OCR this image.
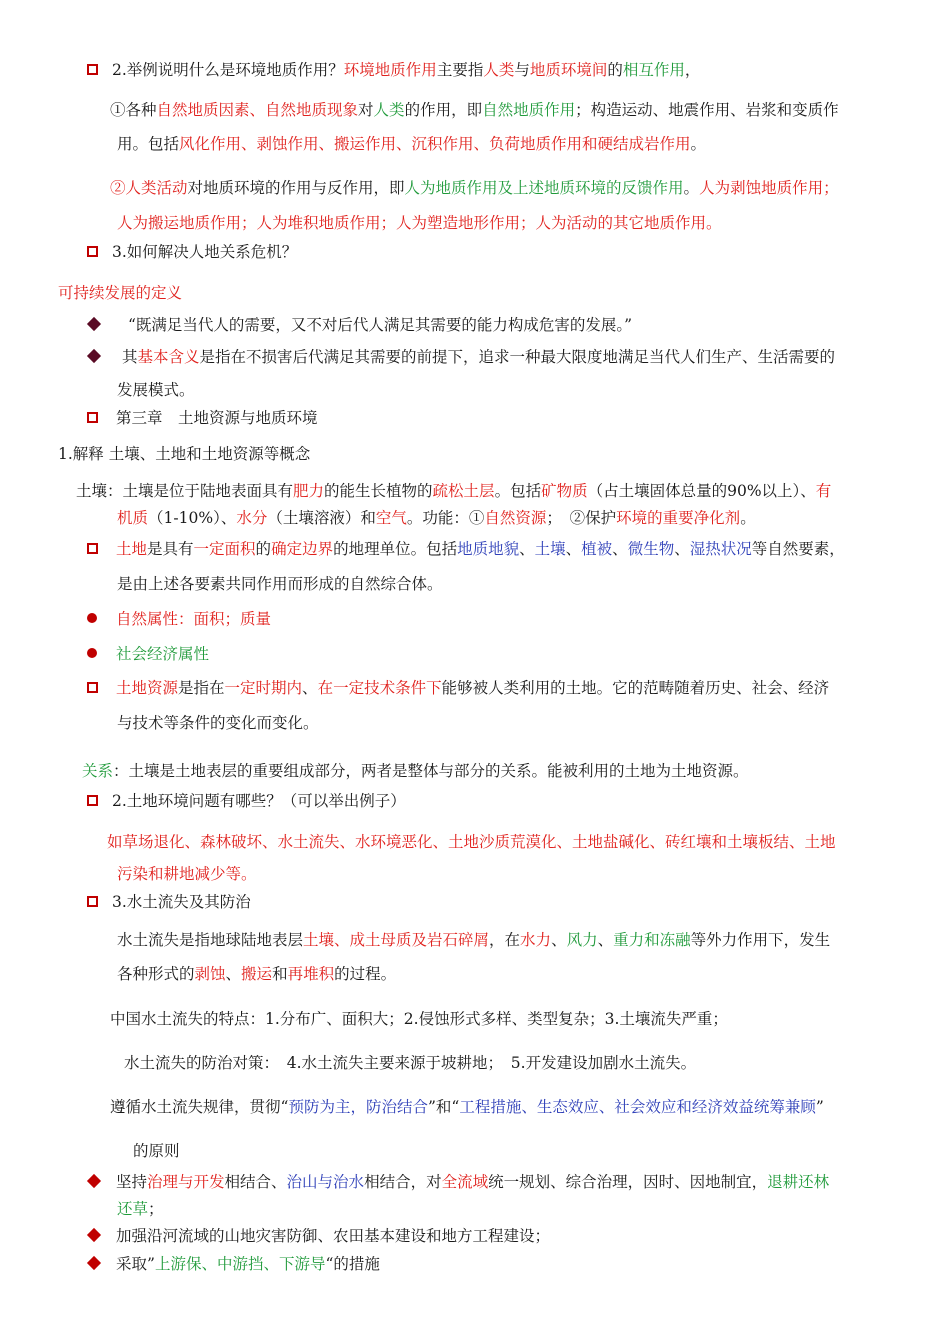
2.举例说明什么是环境地质作用？环境地质作用主要指人类与地质环境间的相互作用，
①各种自然地质因素、自然地质现象对人类的作用，即自然地质作用；构造运动、地震作用、岩浆和变质作
用。包括风化作用、剥蚀作用、搬运作用、沉积作用、负荷地质作用和硬结成岩作用。
②人类活动对地质环境的作用与反作用，即人为地质作用及上述地质环境的反馈作用。人为剥蚀地质作用；
人为搬运地质作用；人为堆积地质作用；人为塑造地形作用；人为活动的其它地质作用。
3.如何解决人地关系危机？
可持续发展的定义
“既满足当代人的需要，又不对后代人满足其需要的能力构成危害的发展。”
其基本含义是指在不损害后代满足其需要的前提下，追求一种最大限度地满足当代人们生产、生活需要的
发展模式。
第三章　土地资源与地质环境
1.解释 土壤、土地和土地资源等概念
土壤：土壤是位于陆地表面具有肥力的能生长植物的疏松土层。包括矿物质（占土壤固体总量的90%以上）、有
机质（1-10%）、水分（土壤溶液）和空气。功能：①自然资源；　②保护环境的重要净化剂。
土地是具有一定面积的确定边界的地理单位。包括地质地貌、土壤、植被、微生物、湿热状况等自然要素，
是由上述各要素共同作用而形成的自然综合体。
自然属性：面积；质量
社会经济属性
土地资源是指在一定时期内、在一定技术条件下能够被人类利用的土地。它的范畴随着历史、社会、经济
与技术等条件的变化而变化。
关系：土壤是土地表层的重要组成部分，两者是整体与部分的关系。能被利用的土地为土地资源。
2.土地环境问题有哪些？（可以举出例子）
如草场退化、森林破坏、水土流失、水环境恶化、土地沙质荒漠化、土地盐碱化、砖红壤和土壤板结、土地
污染和耕地减少等。
3.水土流失及其防治
水土流失是指地球陆地表层土壤、成土母质及岩石碎屑，在水力、风力、重力和冻融等外力作用下，发生
各种形式的剥蚀、搬运和再堆积的过程。
中国水土流失的特点：1.分布广、面积大；2.侵蚀形式多样、类型复杂；3.土壤流失严重；
水土流失的防治对策：　4.水土流失主要来源于坡耕地；　5.开发建设加剧水土流失。
遵循水土流失规律，贯彻“预防为主，防治结合”和“工程措施、生态效应、社会效应和经济效益统筹兼顾”
的原则
坚持治理与开发相结合、治山与治水相结合，对全流域统一规划、综合治理，因时、因地制宜，退耕还林
还草；
加强沿河流域的山地灾害防御、农田基本建设和地方工程建设；
采取”上游保、中游挡、下游导“的措施
